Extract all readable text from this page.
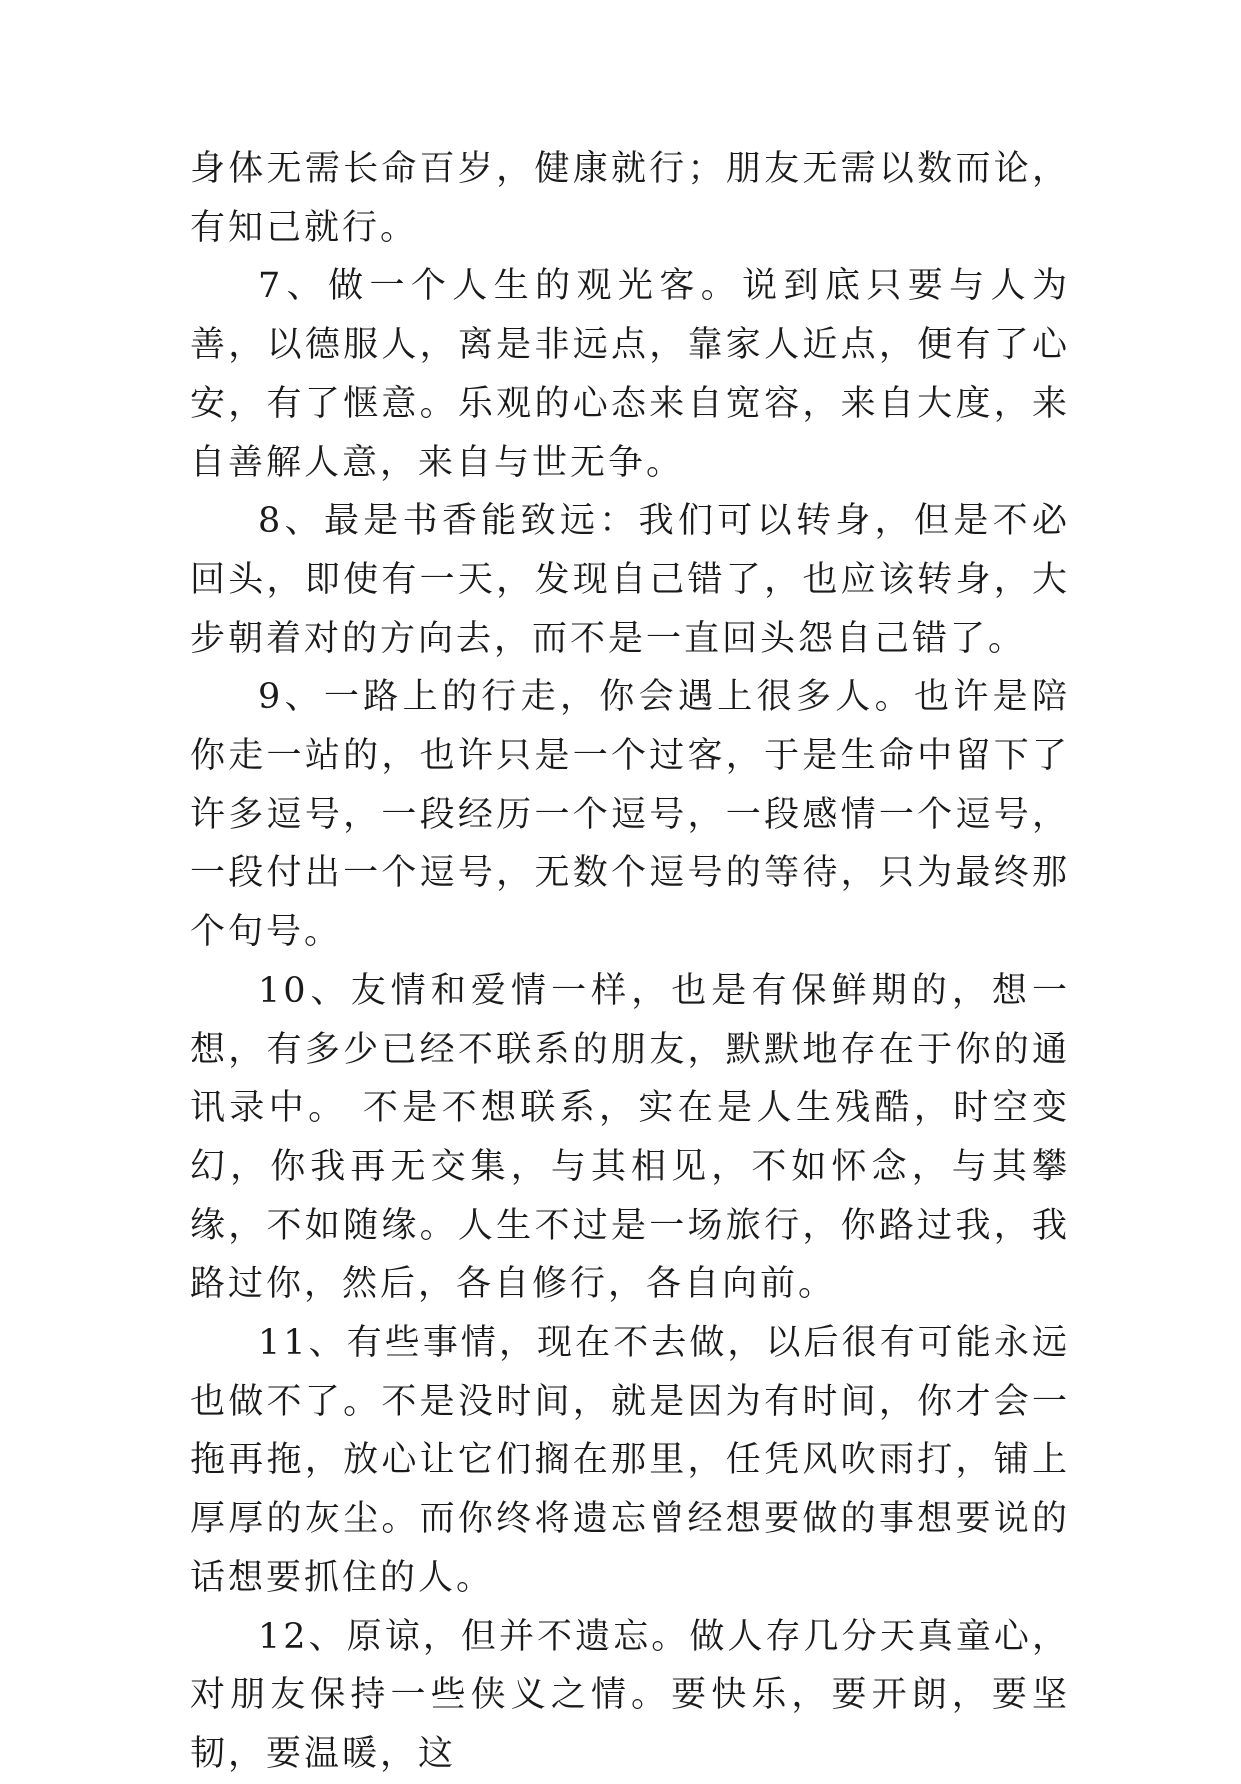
身体无需长命百岁，健康就行；朋友无需以数而论，有知己就行。

7、做一个人生的观光客。说到底只要与人为善，以德服人，离是非远点，靠家人近点，便有了心安，有了惬意。乐观的心态来自宽容，来自大度，来自善解人意，来自与世无争。

8、最是书香能致远：我们可以转身，但是不必回头，即使有一天，发现自己错了，也应该转身，大步朝着对的方向去，而不是一直回头怨自己错了。

9、一路上的行走，你会遇上很多人。也许是陪你走一站的，也许只是一个过客，于是生命中留下了许多逗号，一段经历一个逗号，一段感情一个逗号，一段付出一个逗号，无数个逗号的等待，只为最终那个句号。

10、友情和爱情一样，也是有保鲜期的，想一想，有多少已经不联系的朋友，默默地存在于你的通讯录中。 不是不想联系，实在是人生残酷，时空变幻，你我再无交集，与其相见，不如怀念，与其攀缘，不如随缘。人生不过是一场旅行，你路过我，我路过你，然后，各自修行，各自向前。

11、有些事情，现在不去做，以后很有可能永远也做不了。不是没时间，就是因为有时间，你才会一拖再拖，放心让它们搁在那里，任凭风吹雨打，铺上厚厚的灰尘。而你终将遗忘曾经想要做的事想要说的话想要抓住的人。

12、原谅，但并不遗忘。做人存几分天真童心，对朋友保持一些侠义之情。要快乐，要开朗，要坚韧，要温暖，这
